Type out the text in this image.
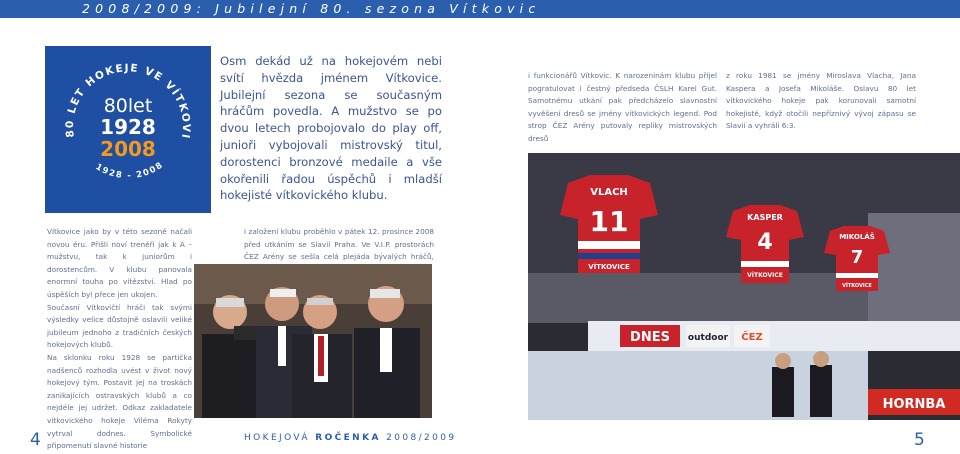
2008/2009: Jubilejní 80. sezona Vítkovic
80 LET HOKEJE VE VÍTKOVI
1928 - 2008
80let
1928
2008

Osm dekád už na hokejovém nebi svítí hvězda jménem Vítkovice. Jubilejní sezona se současným hráčům povedla. A mužstvo se po dvou letech probojovalo do play off, junioři vybojovali mistrovský titul, dorostenci bronzové medaile a vše okořenili řadou úspěchů i mladší hokejisté vítkovického klubu.

i funkcionářů Vítkovic. K narozeninám klubu přijel pogratulovat i čestný předseda ČSLH Karel Gut. Samotnému utkání pak předcházelo slavnostní vyvěšení dresů se jmény vítkovických legend. Pod strop ČEZ Arény putovaly repliky mistrovských dresů

z roku 1981 se jmény Miroslava Vlacha, Jana Kaspera a Josefa Mikoláše. Oslavu 80 let vítkovického hokeje pak korunovali samotní hokejisté, když otočili nepříznivý vývoj zápasu se Slavií a vyhráli 6:3.

Vítkovice jako by v této sezoně načali novou éru. Přišli noví trenéři jak k A – mužstvu, tak k juniorům i dorostencům. V klubu panovala enormní touha po vítězství. Hlad po úspěších byl přece jen ukojen.

Současní Vítkovičtí hráči tak svými výsledky velice důstojně oslavili veliké jubileum jednoho z tradičních českých hokejových klubů.

Na sklonku roku 1928 se partička nadšenců rozhodla uvést v život nový hokejový tým. Postavit jej na troskách zanikajících ostravských klubů a co nejdéle jej udržet. Odkaz zakladatele vítkovického hokeje Viléma Rokyty vytrval dodnes. Symbolické připomenutí slavné historie

i založení klubu proběhlo v pátek 12. prosince 2008 před utkáním se Slavií Praha. Ve V.I.P. prostorách ČEZ Arény se sešla celá plejáda bývalých hráčů,

DNES outdoor ČEZ
HORNBA
VLACH
11
VÍTKOVICE
KASPER
4
VÍTKOVICE
MIKOLÁŠ
7
VÍTKOVICE
4	HOKEJOVÁ ROČENKA 2008/2009	5
